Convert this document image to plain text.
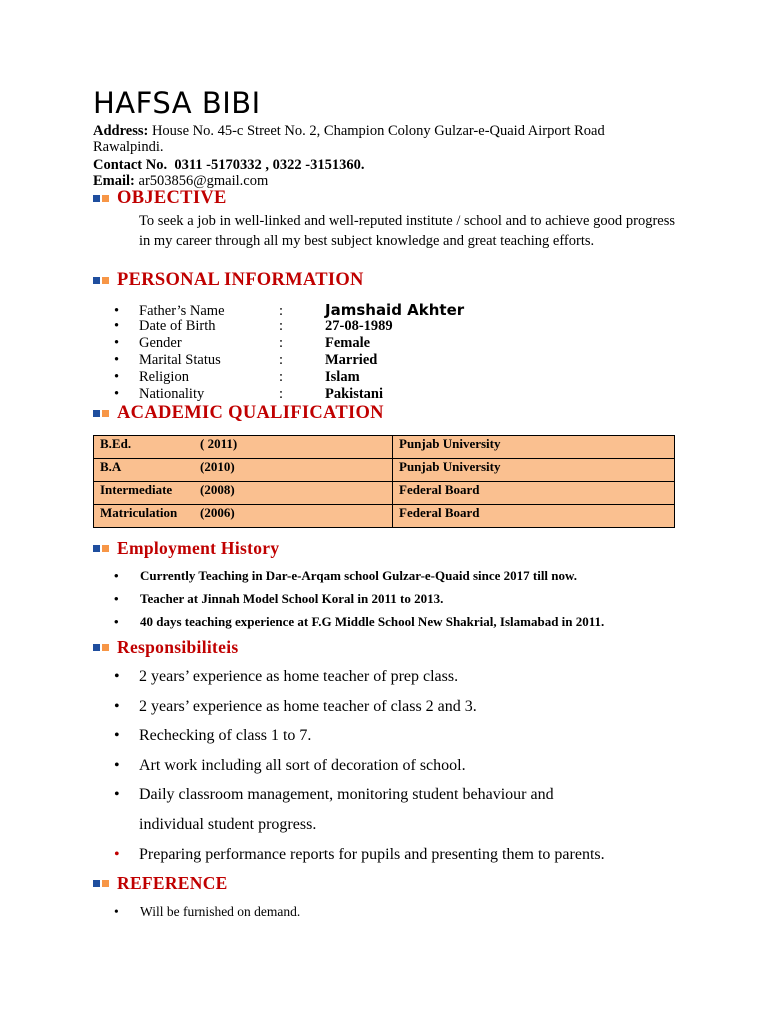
HAFSA BIBI
Address: House No. 45-c Street No. 2, Champion Colony Gulzar-e-Quaid Airport Road
Rawalpindi.
Contact No. 0311 -5170332 , 0322 -3151360.
Email: ar503856@gmail.com
OBJECTIVE
To seek a job in well-linked and well-reputed institute / school and to achieve good progress in my career through all my best subject knowledge and great teaching efforts.
PERSONAL INFORMATION
•	Father’s Name	:	Jamshaid Akhter
•	Date of Birth	:	27-08-1989
•	Gender	:	Female
•	Marital Status	:	Married
•	Religion	:	Islam
•	Nationality	:	Pakistani
ACADEMIC QUALIFICATION
B.Ed. ( 2011)	Punjab University
B.A (2010)	Punjab University
Intermediate (2008)	Federal Board
Matriculation (2006)	Federal Board
Employment History
•	Currently Teaching in Dar-e-Arqam school Gulzar-e-Quaid since 2017 till now.
•	Teacher at Jinnah Model School Koral in 2011 to 2013.
•	40 days teaching experience at F.G Middle School New Shakrial, Islamabad in 2011.
Responsibiliteis
•	2 years’ experience as home teacher of prep class.
•	2 years’ experience as home teacher of class 2 and 3.
•	Rechecking of class 1 to 7.
•	Art work including all sort of decoration of school.
•	Daily classroom management, monitoring student behaviour and
individual student progress.
•	Preparing performance reports for pupils and presenting them to parents.
REFERENCE
•	Will be furnished on demand.
